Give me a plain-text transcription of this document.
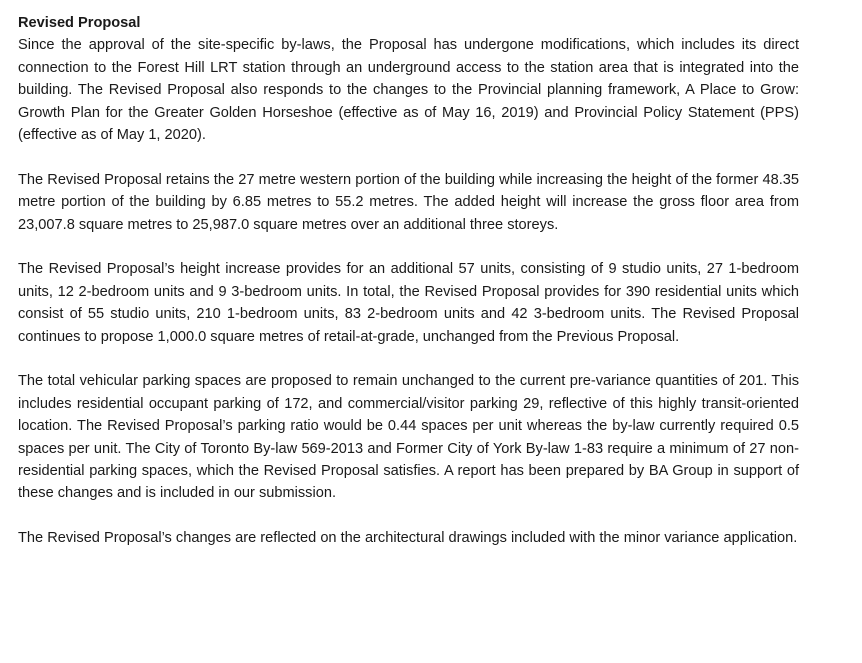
Revised Proposal

Since the approval of the site-specific by-laws, the Proposal has undergone modifications, which includes its direct connection to the Forest Hill LRT station through an underground access to the station area that is integrated into the building. The Revised Proposal also responds to the changes to the Provincial planning framework, A Place to Grow: Growth Plan for the Greater Golden Horseshoe (effective as of May 16, 2019) and Provincial Policy Statement (PPS) (effective as of May 1, 2020).

The Revised Proposal retains the 27 metre western portion of the building while increasing the height of the former 48.35 metre portion of the building by 6.85 metres to 55.2 metres. The added height will increase the gross floor area from 23,007.8 square metres to 25,987.0 square metres over an additional three storeys.

The Revised Proposal’s height increase provides for an additional 57 units, consisting of 9 studio units, 27 1-bedroom units, 12 2-bedroom units and 9 3-bedroom units. In total, the Revised Proposal provides for 390 residential units which consist of 55 studio units, 210 1-bedroom units, 83 2-bedroom units and 42 3-bedroom units. The Revised Proposal continues to propose 1,000.0 square metres of retail-at-grade, unchanged from the Previous Proposal.

The total vehicular parking spaces are proposed to remain unchanged to the current pre-variance quantities of 201. This includes residential occupant parking of 172, and commercial/visitor parking 29, reflective of this highly transit-oriented location. The Revised Proposal’s parking ratio would be 0.44 spaces per unit whereas the by-law currently required 0.5 spaces per unit. The City of Toronto By-law 569-2013 and Former City of York By-law 1-83 require a minimum of 27 non-residential parking spaces, which the Revised Proposal satisfies. A report has been prepared by BA Group in support of these changes and is included in our submission.

The Revised Proposal’s changes are reflected on the architectural drawings included with the minor variance application.
